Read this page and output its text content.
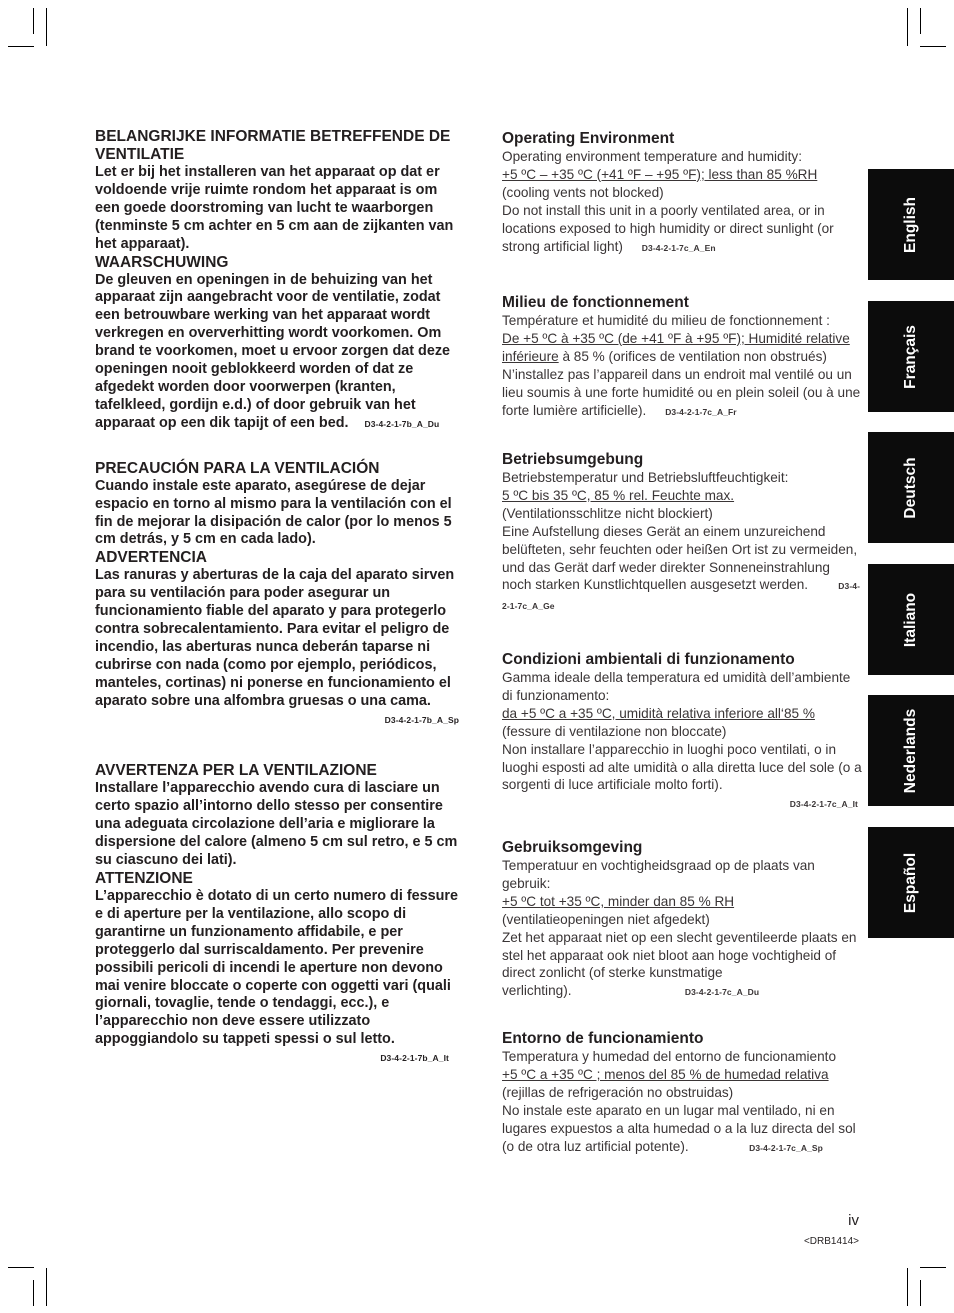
BELANGRIJKE INFORMATIE BETREFFENDE DE VENTILATIE

Let er bij het installeren van het apparaat op dat er voldoende vrije ruimte rondom het apparaat is om een goede doorstroming van lucht te waarborgen (tenminste 5 cm achter en 5 cm aan de zijkanten van het apparaat).

WAARSCHUWING

De gleuven en openingen in de behuizing van het apparaat zijn aangebracht voor de ventilatie, zodat een betrouwbare werking van het apparaat wordt verkregen en oververhitting wordt voorkomen. Om brand te voorkomen, moet u ervoor zorgen dat deze openingen nooit geblokkeerd worden of dat ze afgedekt worden door voorwerpen (kranten, tafelkleed, gordijn e.d.) of door gebruik van het apparaat op een dik tapijt of een bed. D3-4-2-1-7b_A_Du

PRECAUCIÓN PARA LA VENTILACIÓN

Cuando instale este aparato, asegúrese de dejar espacio en torno al mismo para la ventilación con el fin de mejorar la disipación de calor (por lo menos 5 cm detrás, y 5 cm en cada lado).

ADVERTENCIA

Las ranuras y aberturas de la caja del aparato sirven para su ventilación para poder asegurar un funcionamiento fiable del aparato y para protegerlo contra sobrecalentamiento. Para evitar el peligro de incendio, las aberturas nunca deberán taparse ni cubrirse con nada (como por ejemplo, periódicos, manteles, cortinas) ni ponerse en funcionamiento el aparato sobre una alfombra gruesas o una cama.

D3-4-2-1-7b_A_Sp

AVVERTENZA PER LA VENTILAZIONE

Installare l’apparecchio avendo cura di lasciare un certo spazio all’intorno dello stesso per consentire una adeguata circolazione dell’aria e migliorare la dispersione del calore (almeno 5 cm sul retro, e 5 cm su ciascuno dei lati).

ATTENZIONE

L’apparecchio è dotato di un certo numero di fessure e di aperture per la ventilazione, allo scopo di garantirne un funzionamento affidabile, e per proteggerlo dal surriscaldamento. Per prevenire possibili pericoli di incendi le aperture non devono mai venire bloccate o coperte con oggetti vari (quali giornali, tovaglie, tende o tendaggi, ecc.), e l’apparecchio non deve essere utilizzato appoggiandolo su tappeti spessi o sul letto.

D3-4-2-1-7b_A_It

Operating Environment

Operating environment temperature and humidity:

+5 ºC – +35 ºC (+41 ºF – +95 ºF); less than 85 %RH

(cooling vents not blocked)

Do not install this unit in a poorly ventilated area, or in locations exposed to high humidity or direct sunlight (or strong artificial light) D3-4-2-1-7c_A_En

Milieu de fonctionnement

Température et humidité du milieu de fonctionnement :

De +5 ºC à +35 ºC (de +41 ºF à +95 ºF); Humidité relative inférieure à 85 % (orifices de ventilation non obstrués) N’installez pas l’appareil dans un endroit mal ventilé ou un lieu soumis à une forte humidité ou en plein soleil (ou à une forte lumière artificielle). D3-4-2-1-7c_A_Fr

Betriebsumgebung

Betriebstemperatur und Betriebsluftfeuchtigkeit:

5 ºC bis 35 ºC, 85 % rel. Feuchte max.

(Ventilationsschlitze nicht blockiert)

Eine Aufstellung dieses Gerät an einem unzureichend belüfteten, sehr feuchten oder heißen Ort ist zu vermeiden, und das Gerät darf weder direkter Sonneneinstrahlung noch starken Kunstlichtquellen ausgesetzt werden.	D3-4-2-1-7c_A_Ge

Condizioni ambientali di funzionamento

Gamma ideale della temperatura ed umidità dell’ambiente di funzionamento:

da +5 ºC a +35 ºC, umidità relativa inferiore all‘85 %

(fessure di ventilazione non bloccate)

Non installare l’apparecchio in luoghi poco ventilati, o in luoghi esposti ad alte umidità o alla diretta luce del sole (o a sorgenti di luce artificiale molto forti).

D3-4-2-1-7c_A_It

Gebruiksomgeving

Temperatuur en vochtigheidsgraad op de plaats van gebruik:

+5 ºC tot +35 ºC, minder dan 85 % RH

(ventilatieopeningen niet afgedekt)

Zet het apparaat niet op een slecht geventileerde plaats en stel het apparaat ook niet bloot aan hoge vochtigheid of direct zonlicht (of sterke kunstmatige verlichting).	D3-4-2-1-7c_A_Du

Entorno de funcionamiento

Temperatura y humedad del entorno de funcionamiento

+5 ºC a +35 ºC ; menos del 85 % de humedad relativa

(rejillas de refrigeración no obstruidas)

No instale este aparato en un lugar mal ventilado, ni en lugares expuestos a alta humedad o a la luz directa del sol (o de otra luz artificial potente).	D3-4-2-1-7c_A_Sp

English
Français
Deutsch
Italiano
Nederlands
Español
iv
<DRB1414>
